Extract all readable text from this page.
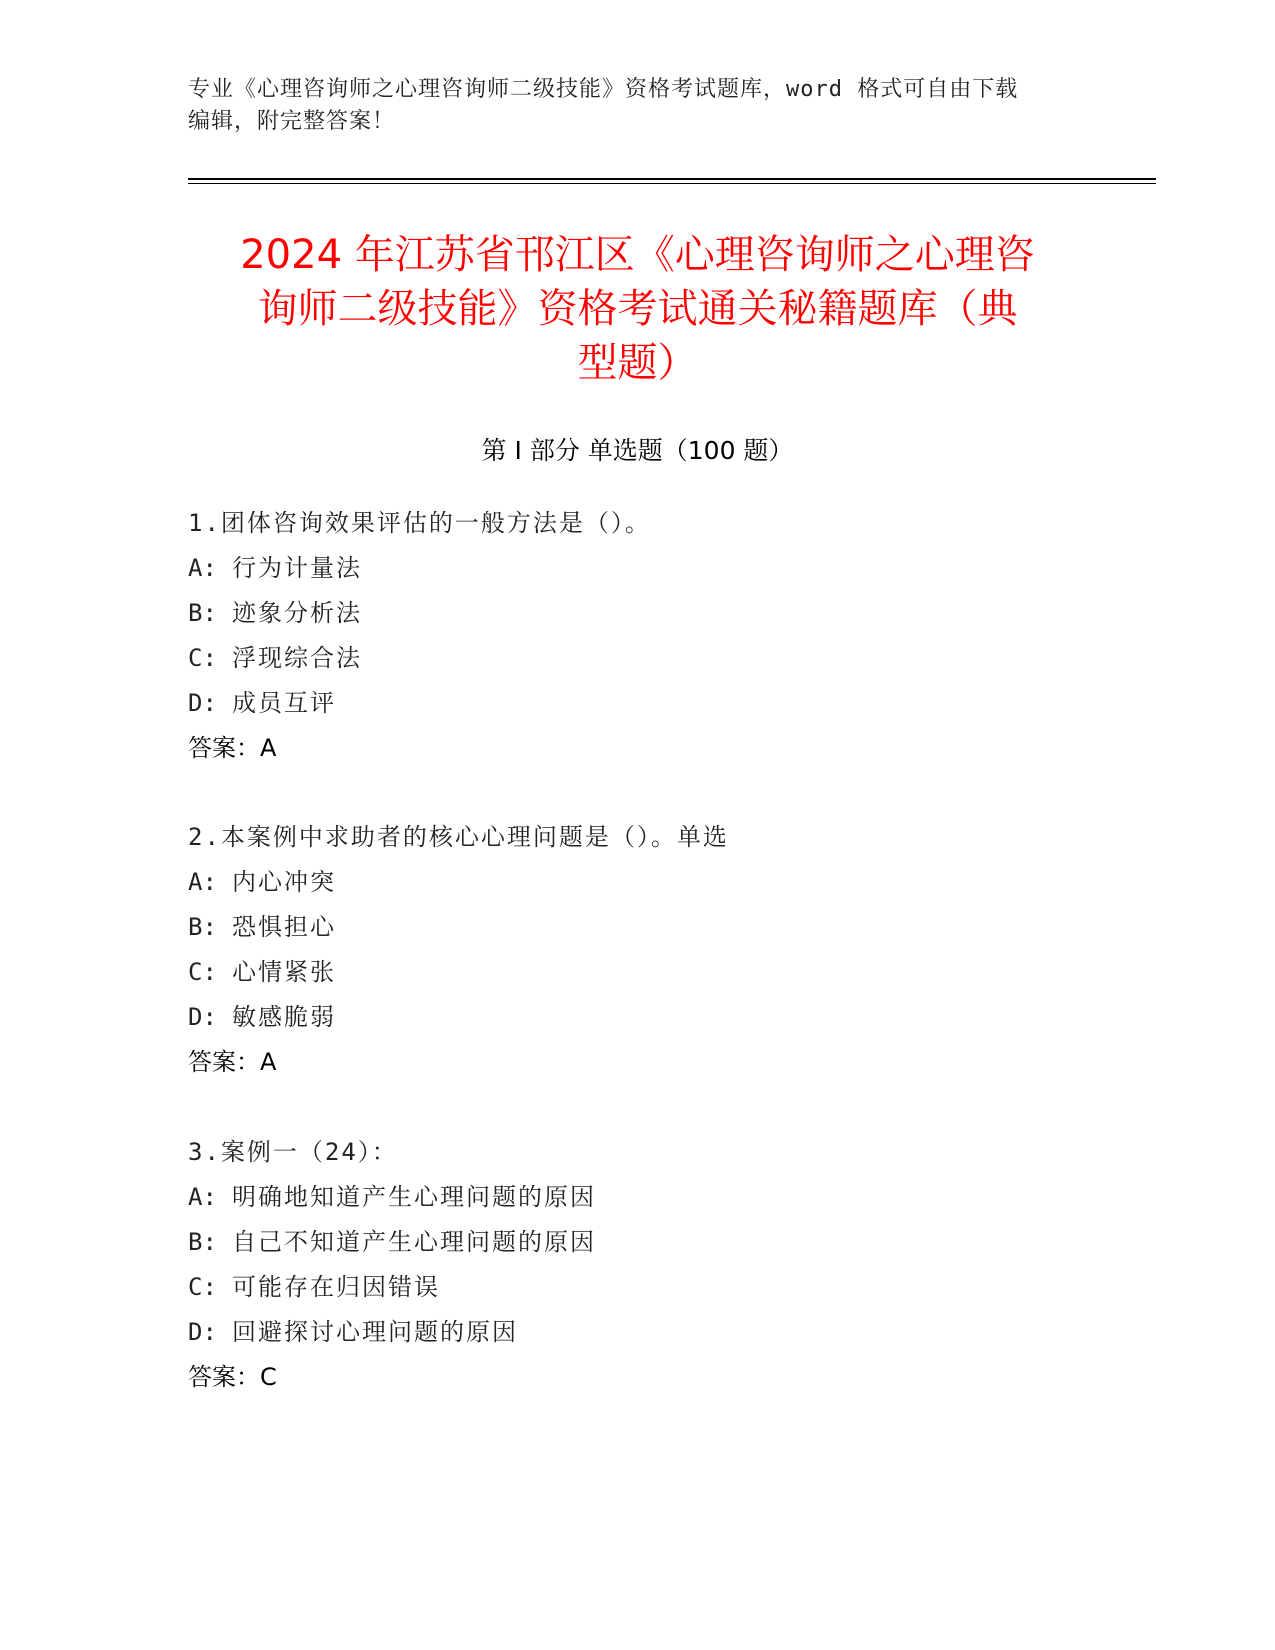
专业《心理咨询师之心理咨询师二级技能》资格考试题库，word 格式可自由下载
编辑，附完整答案！
2024 年江苏省邗江区《心理咨询师之心理咨
询师二级技能》资格考试通关秘籍题库（典
型题）
第 I 部分 单选题（100 题）
1.团体咨询效果评估的一般方法是（）。
A: 行为计量法
B: 迹象分析法
C: 浮现综合法
D: 成员互评
答案：A
2.本案例中求助者的核心心理问题是（）。单选
A: 内心冲突
B: 恐惧担心
C: 心情紧张
D: 敏感脆弱
答案：A
3.案例一（24）：
A: 明确地知道产生心理问题的原因
B: 自己不知道产生心理问题的原因
C: 可能存在归因错误
D: 回避探讨心理问题的原因
答案：C
